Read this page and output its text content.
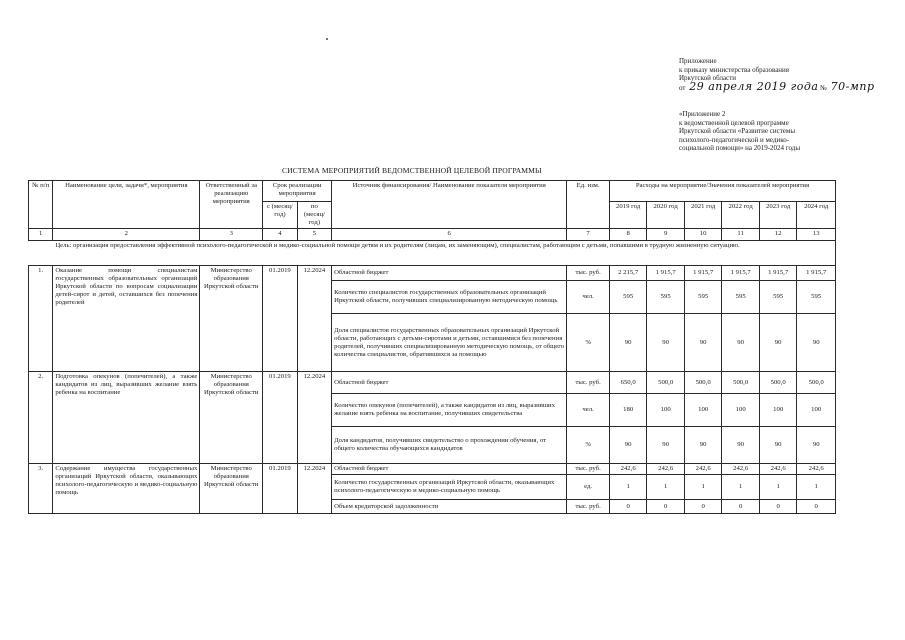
Приложение
к приказу министерства образования
Иркутской области
от 29 апреля 2019 года № 70-мпр
«Приложение 2
к ведомственной целевой программе
Иркутской области «Развитие системы
психолого-педагогической и медико-
социальной помощи» на 2019-2024 годы
СИСТЕМА МЕРОПРИЯТИЙ ВЕДОМСТВЕННОЙ ЦЕЛЕВОЙ ПРОГРАММЫ
№ п/п	Наименование цели, задачи*, мероприятия	Ответственный за реализацию мероприятия	Срок реализации мероприятия		Источник финансирования/ Наименование показателя мероприятия	Ед. изм.	Расходы на мероприятие/Значения показателей мероприятия					
			с (месяц/ год)	по (месяц/ год)			2019 год	2020 год	2021 год	2022 год	2023 год	2024 год

1	2	3	4	5	6	7	8	9	10	11	12	13
	Цель: организация предоставления эффективной психолого-педагогической и медико-социальной помощи детям и их родителям (лицам, их заменяющим), специалистам, работающим с детьми, попавшими в трудную жизненную ситуацию.											
1.	Оказание помощи специалистам государственных образовательных организаций Иркутской области по вопросам социализации детей-сирот и детей, оставшихся без попечения родителей	Министерство образования Иркутской области	01.2019	12.2024	Областной бюджет	тыс. руб.	2 215,7	1 915,7	1 915,7	1 915,7	1 915,7	1 915,7
					Количество специалистов государственных образовательных организаций Иркутской области, получивших специализированную методическую помощь	чел.	595	595	595	595	595	595
					Доля специалистов государственных образовательных организаций Иркутской области, работающих с детьми-сиротами и детьми, оставшимися без попечения родителей, получивших специализированную методическую помощь, от общего количества специалистов, обратившихся за помощью	%	90	90	90	90	90	90
2.	Подготовка опекунов (попечителей), а также кандидатов из лиц, выразивших желание взять ребенка на воспитание	Министерство образования Иркутской области	01.2019	12.2024	Областной бюджет	тыс. руб.	650,0	500,0	500,0	500,0	500,0	500,0
					Количество опекунов (попечителей), а также кандидатов из лиц, выразивших желание взять ребенка на воспитание, получивших свидетельства	чел.	180	100	100	100	100	100
					Доля кандидатов, получивших свидетельство о прохождении обучения, от общего количества обучающихся кандидатов	%	90	90	90	90	90	90
3.	Содержание имущества государственных организаций Иркутской области, оказывающих психолого-педагогическую и медико-социальную помощь	Министерство образования Иркутской области	01.2019	12.2024	Областной бюджет	тыс. руб.	242,6	242,6	242,6	242,6	242,6	242,6
					Количество государственных организаций Иркутской области, оказывающих психолого-педагогическую и медико-социальную помощь	ед.	1	1	1	1	1	1
					Объем кредиторской задолженности	тыс. руб.	0	0	0	0	0	0
